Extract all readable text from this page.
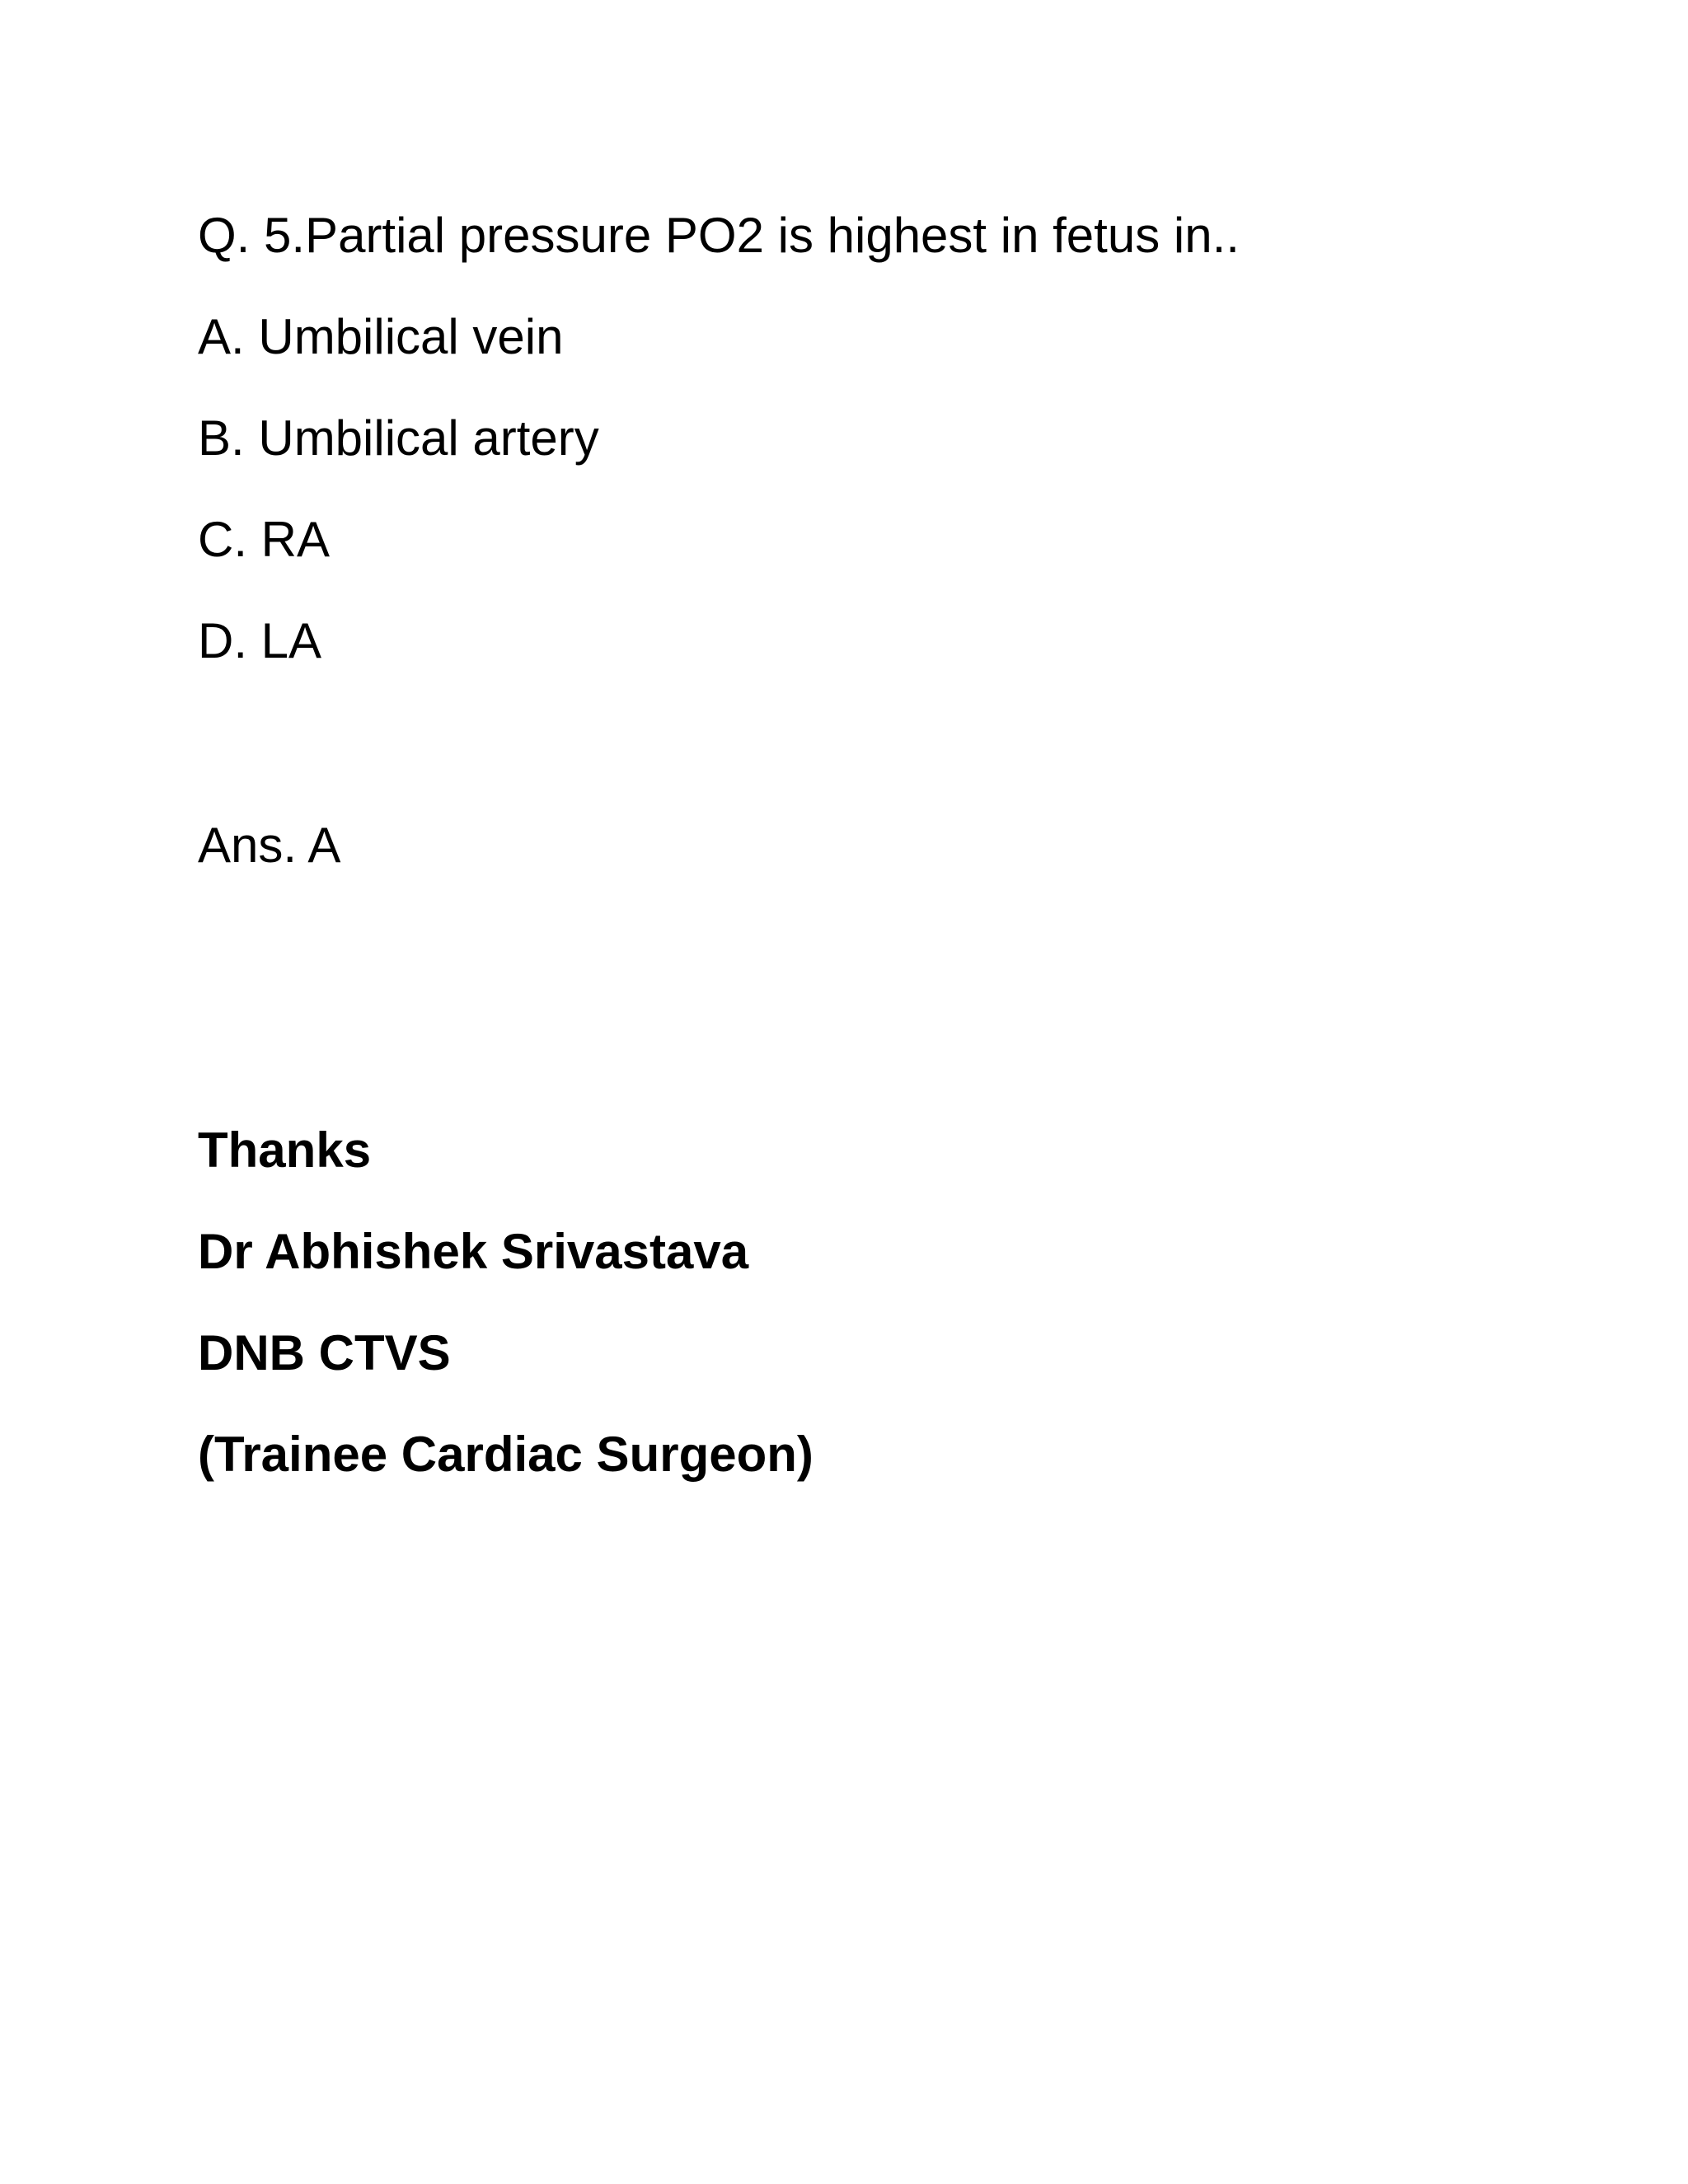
Q. 5.Partial pressure PO2 is highest in fetus in..
A. Umbilical vein
B. Umbilical artery
C. RA
D. LA
Ans. A
Thanks
Dr Abhishek Srivastava
DNB CTVS
(Trainee Cardiac Surgeon)
